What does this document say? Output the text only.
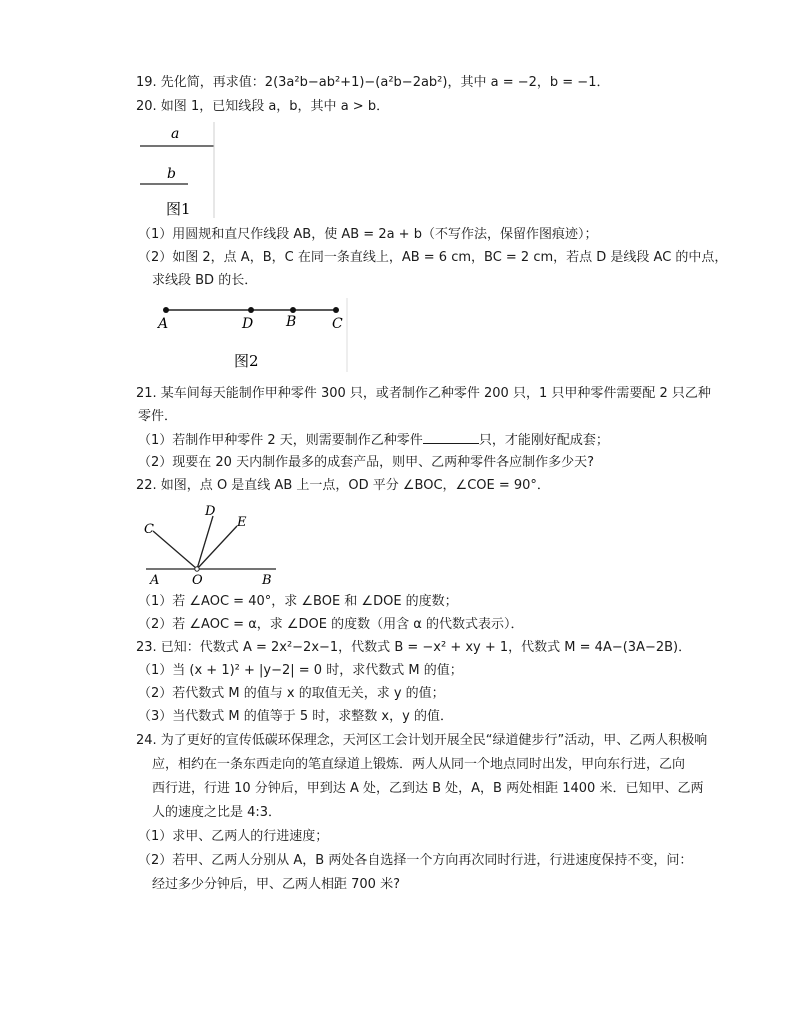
19. 先化简，再求值：2(3a²b−ab²+1)−(a²b−2ab²)，其中 a = −2，b = −1．
20. 如图 1，已知线段 a，b，其中 a > b．
a
b
图1
（1）用圆规和直尺作线段 AB，使 AB = 2a + b（不写作法，保留作图痕迹）；
（2）如图 2，点 A，B，C 在同一条直线上，AB = 6 cm，BC = 2 cm，若点 D 是线段 AC 的中点，
求线段 BD 的长．
A	D B	C
图2
21. 某车间每天能制作甲种零件 300 只，或者制作乙种零件 200 只，1 只甲种零件需要配 2 只乙种
零件．
（1）若制作甲种零件 2 天，则需要制作乙种零件	只，才能刚好配成套；
（2）现要在 20 天内制作最多的成套产品，则甲、乙两种零件各应制作多少天?
22. 如图，点 O 是直线 AB 上一点，OD 平分 ∠BOC，∠COE = 90°．
C
D
E
A	O	B
（1）若 ∠AOC = 40°，求 ∠BOE 和 ∠DOE 的度数；
（2）若 ∠AOC = α，求 ∠DOE 的度数（用含 α 的代数式表示）．
23. 已知：代数式 A = 2x²−2x−1，代数式 B = −x² + xy + 1，代数式 M = 4A−(3A−2B)．
（1）当 (x + 1)² + |y−2| = 0 时，求代数式 M 的值；
（2）若代数式 M 的值与 x 的取值无关，求 y 的值；
（3）当代数式 M 的值等于 5 时，求整数 x，y 的值．
24. 为了更好的宣传低碳环保理念，天河区工会计划开展全民“绿道健步行”活动，甲、乙两人积极响
应，相约在一条东西走向的笔直绿道上锻炼．两人从同一个地点同时出发，甲向东行进，乙向
西行进，行进 10 分钟后，甲到达 A 处，乙到达 B 处，A，B 两处相距 1400 米．已知甲、乙两
人的速度之比是 4:3．
（1）求甲、乙两人的行进速度；
（2）若甲、乙两人分别从 A，B 两处各自选择一个方向再次同时行进，行进速度保持不变，问：
经过多少分钟后，甲、乙两人相距 700 米?
